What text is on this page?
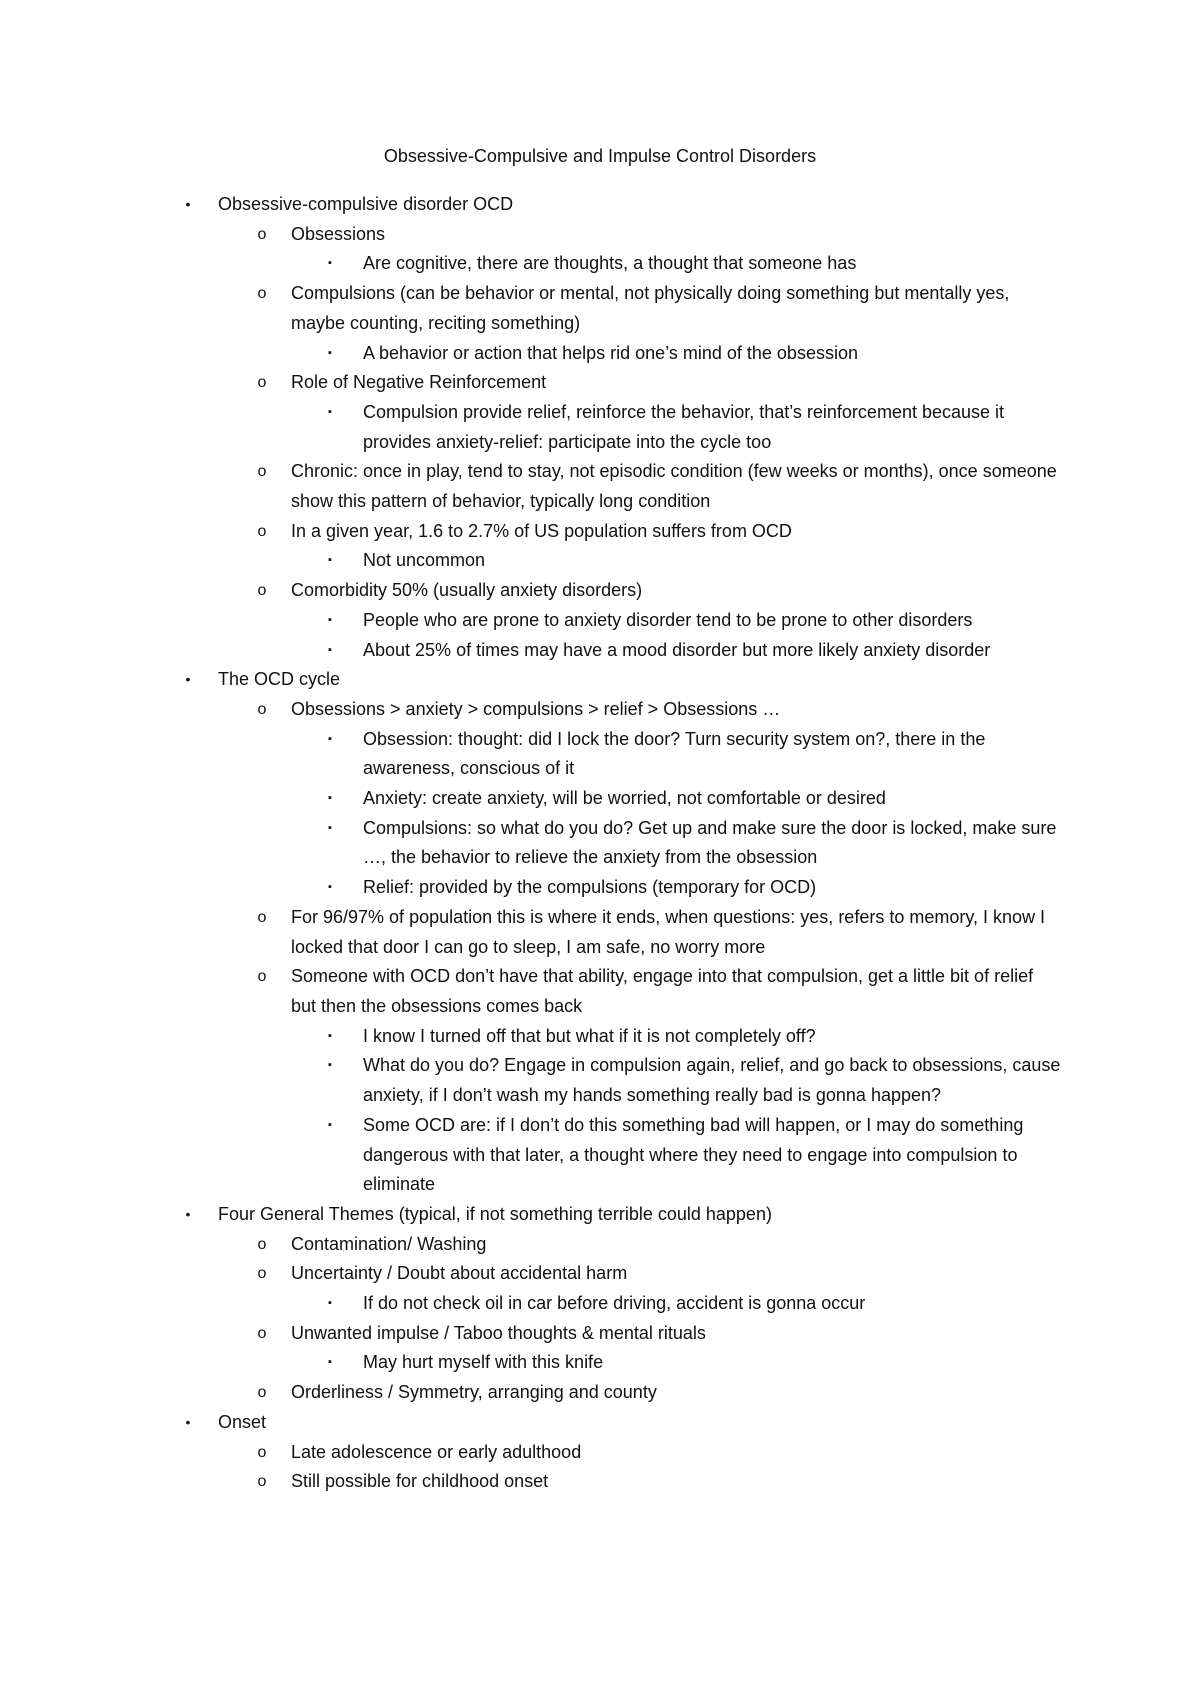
Obsessive-Compulsive and Impulse Control Disorders
•	Obsessive-compulsive disorder OCD
o	Obsessions
▪	Are cognitive, there are thoughts, a thought that someone has
o	Compulsions (can be behavior or mental, not physically doing something but mentally yes, maybe counting, reciting something)
▪	A behavior or action that helps rid one’s mind of the obsession
o	Role of Negative Reinforcement
▪	Compulsion provide relief, reinforce the behavior, that’s reinforcement because it provides anxiety-relief: participate into the cycle too
o	Chronic: once in play, tend to stay, not episodic condition (few weeks or months), once someone show this pattern of behavior, typically long condition
o	In a given year, 1.6 to 2.7% of US population suffers from OCD
▪	Not uncommon
o	Comorbidity 50% (usually anxiety disorders)
▪	People who are prone to anxiety disorder tend to be prone to other disorders
▪	About 25% of times may have a mood disorder but more likely anxiety disorder
•	The OCD cycle
o	Obsessions > anxiety > compulsions > relief > Obsessions …
▪	Obsession: thought: did I lock the door? Turn security system on?, there in the awareness, conscious of it
▪	Anxiety: create anxiety, will be worried, not comfortable or desired
▪	Compulsions: so what do you do? Get up and make sure the door is locked, make sure …, the behavior to relieve the anxiety from the obsession
▪	Relief: provided by the compulsions (temporary for OCD)
o	For 96/97% of population this is where it ends, when questions: yes, refers to memory, I know I locked that door I can go to sleep, I am safe, no worry more
o	Someone with OCD don’t have that ability, engage into that compulsion, get a little bit of relief but then the obsessions comes back
▪	I know I turned off that but what if it is not completely off?
▪	What do you do? Engage in compulsion again, relief, and go back to obsessions, cause anxiety, if I don’t wash my hands something really bad is gonna happen?
▪	Some OCD are: if I don’t do this something bad will happen, or I may do something dangerous with that later, a thought where they need to engage into compulsion to eliminate
•	Four General Themes (typical, if not something terrible could happen)
o	Contamination/ Washing
o	Uncertainty / Doubt about accidental harm
▪	If do not check oil in car before driving, accident is gonna occur
o	Unwanted impulse / Taboo thoughts & mental rituals
▪	May hurt myself with this knife
o	Orderliness / Symmetry, arranging and county
•	Onset
o	Late adolescence or early adulthood
o	Still possible for childhood onset
